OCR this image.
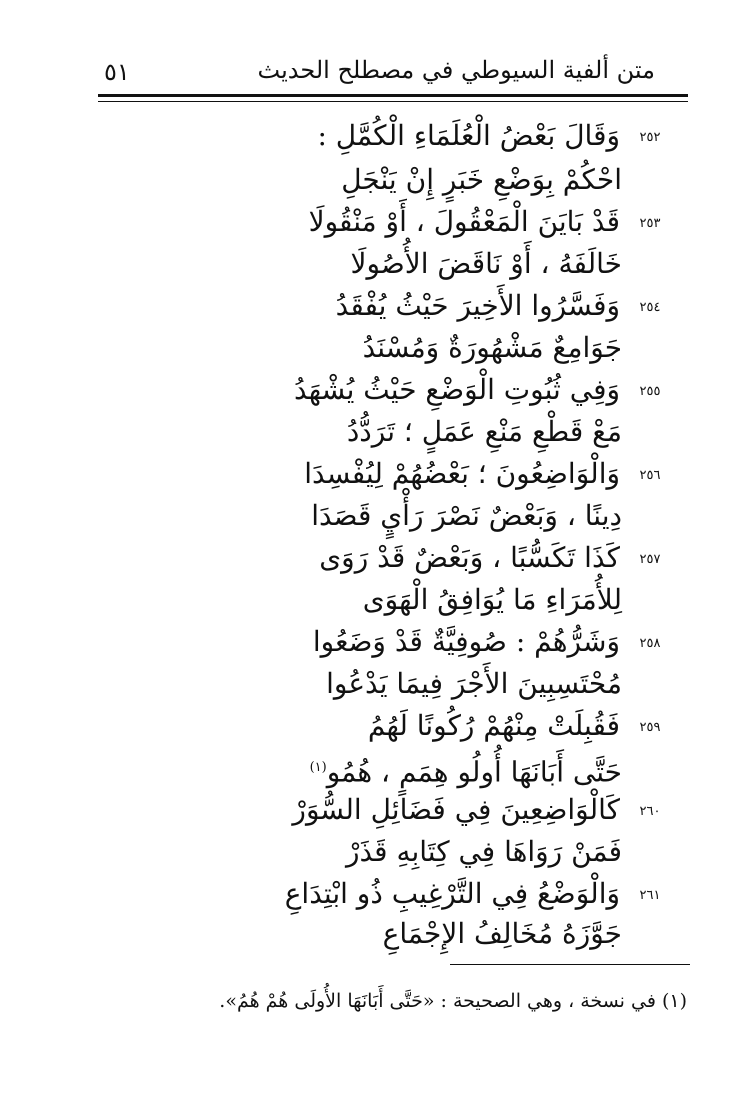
متن ألفية السيوطي في مصطلح الحديث
٥١
٢٥٢وَقَالَ بَعْضُ الْعُلَمَاءِ الْكُمَّلِ :
احْكُمْ بِوَضْعِ خَبَرٍ إِنْ يَنْجَلِ
٢٥٣قَدْ بَايَنَ الْمَعْقُولَ ، أَوْ مَنْقُولَا
خَالَفَهُ ، أَوْ نَاقَضَ الأُصُولَا
٢٥٤وَفَسَّرُوا الأَخِيرَ حَيْثُ يُفْقَدُ
جَوَامِعٌ مَشْهُورَةٌ وَمُسْنَدُ
٢٥٥وَفِي ثُبُوتِ الْوَضْعِ حَيْثُ يُشْهَدُ
مَعْ قَطْعِ مَنْعِ عَمَلٍ ؛ تَرَدُّدُ
٢٥٦وَالْوَاضِعُونَ ؛ بَعْضُهُمْ لِيُفْسِدَا
دِينًا ، وَبَعْضٌ نَصْرَ رَأْيٍ قَصَدَا
٢٥٧كَذَا تَكَسُّبًا ، وَبَعْضٌ قَدْ رَوَى
لِلأُمَرَاءِ مَا يُوَافِقُ الْهَوَى
٢٥٨وَشَرُّهُمْ : صُوفِيَّةٌ قَدْ وَضَعُوا
مُحْتَسِبِينَ الأَجْرَ فِيمَا يَدْعُوا
٢٥٩فَقُبِلَتْ مِنْهُمْ رُكُونًا لَهُمُ
حَتَّى أَبَانَهَا أُولُو هِمَمٍ ، هُمُو$^{(١)}$
٢٦٠كَالْوَاضِعِينَ فِي فَضَائِلِ السُّوَرْ
فَمَنْ رَوَاهَا فِي كِتَابِهِ قَذَرْ
٢٦١وَالْوَضْعُ فِي التَّرْغِيبِ ذُو ابْتِدَاعِ
جَوَّزَهُ مُخَالِفُ الإِجْمَاعِ
(١) في نسخة ، وهي الصحيحة : «حَتَّى أَبَانَهَا الأُولَى هُمْ هُمُ».
